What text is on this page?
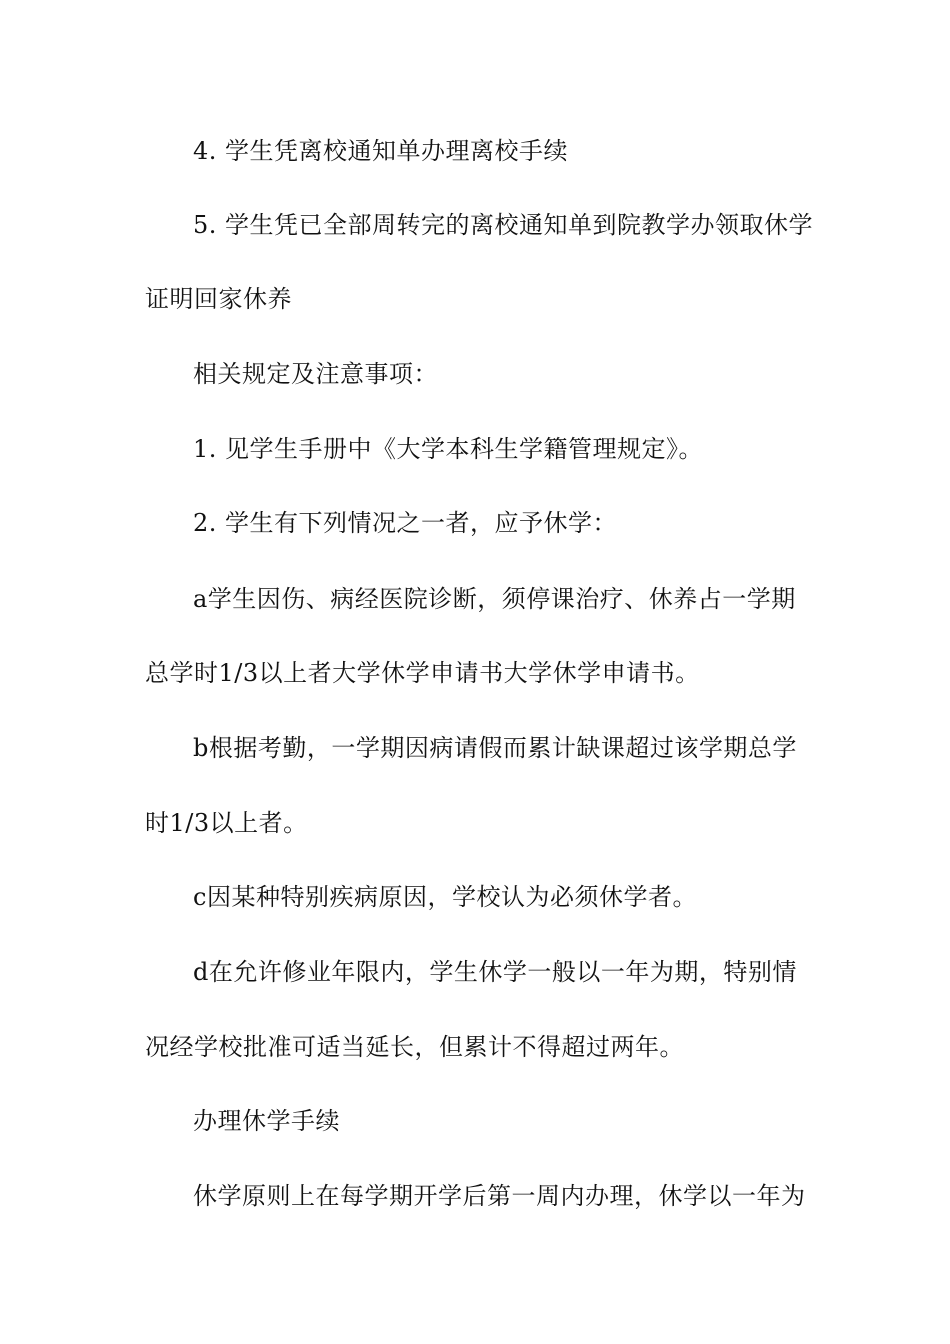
4. 学生凭离校通知单办理离校手续

5. 学生凭已全部周转完的离校通知单到院教学办领取休学

证明回家休养

相关规定及注意事项：

1. 见学生手册中《大学本科生学籍管理规定》。

2. 学生有下列情况之一者，应予休学：

a学生因伤、病经医院诊断，须停课治疗、休养占一学期

总学时1/3以上者大学休学申请书大学休学申请书。

b根据考勤，一学期因病请假而累计缺课超过该学期总学

时1/3以上者。

c因某种特别疾病原因，学校认为必须休学者。

d在允许修业年限内，学生休学一般以一年为期，特别情

况经学校批准可适当延长，但累计不得超过两年。

办理休学手续

休学原则上在每学期开学后第一周内办理，休学以一年为
